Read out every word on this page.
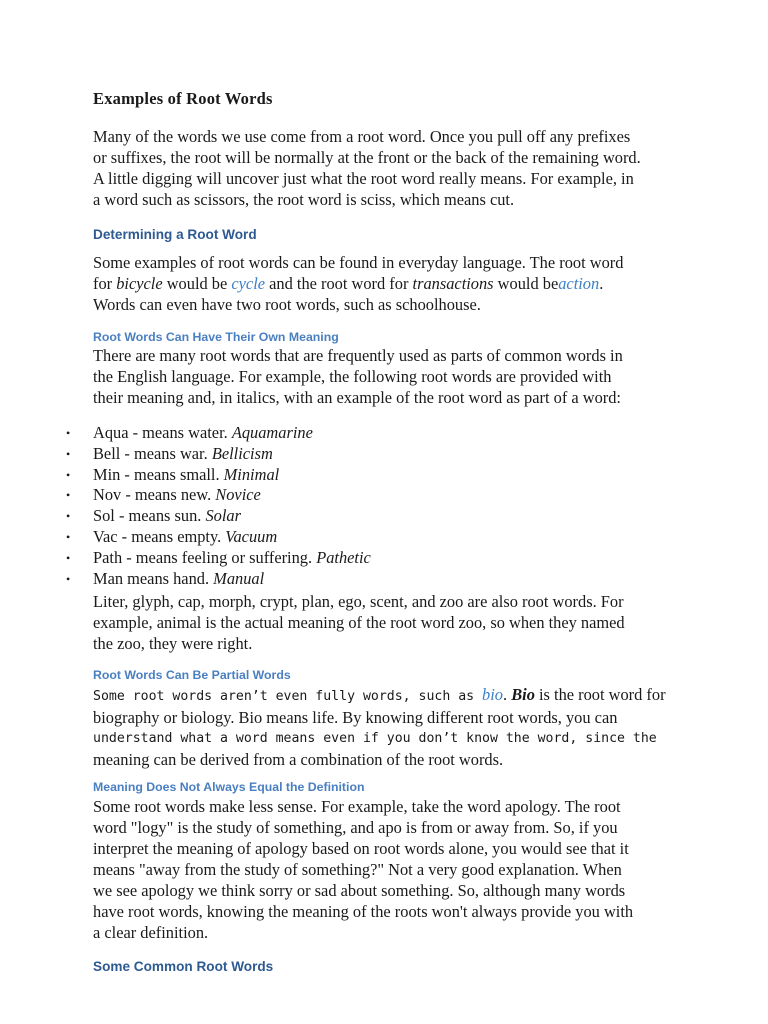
Examples of Root Words
Many of the words we use come from a root word. Once you pull off any prefixes
or suffixes, the root will be normally at the front or the back of the remaining word.
A little digging will uncover just what the root word really means. For example, in
a word such as scissors, the root word is sciss, which means cut.
Determining a Root Word
Some examples of root words can be found in everyday language. The root word
for bicycle would be cycle and the root word for transactions would beaction.
Words can even have two root words, such as schoolhouse.
Root Words Can Have Their Own Meaning
There are many root words that are frequently used as parts of common words in
the English language. For example, the following root words are provided with
their meaning and, in italics, with an example of the root word as part of a word:
• Aqua - means water. Aquamarine
• Bell - means war. Bellicism
• Min - means small. Minimal
• Nov - means new. Novice
• Sol - means sun. Solar
• Vac - means empty. Vacuum
• Path - means feeling or suffering. Pathetic
• Man means hand. Manual
Liter, glyph, cap, morph, crypt, plan, ego, scent, and zoo are also root words. For
example, animal is the actual meaning of the root word zoo, so when they named
the zoo, they were right.
Root Words Can Be Partial Words
Some root words aren’t even fully words, such as bio. Bio is the root word for
biography or biology. Bio means life. By knowing different root words, you can
understand what a word means even if you don’t know the word, since the
meaning can be derived from a combination of the root words.
Meaning Does Not Always Equal the Definition
Some root words make less sense. For example, take the word apology. The root
word "logy" is the study of something, and apo is from or away from. So, if you
interpret the meaning of apology based on root words alone, you would see that it
means "away from the study of something?" Not a very good explanation. When
we see apology we think sorry or sad about something. So, although many words
have root words, knowing the meaning of the roots won't always provide you with
a clear definition.
Some Common Root Words
